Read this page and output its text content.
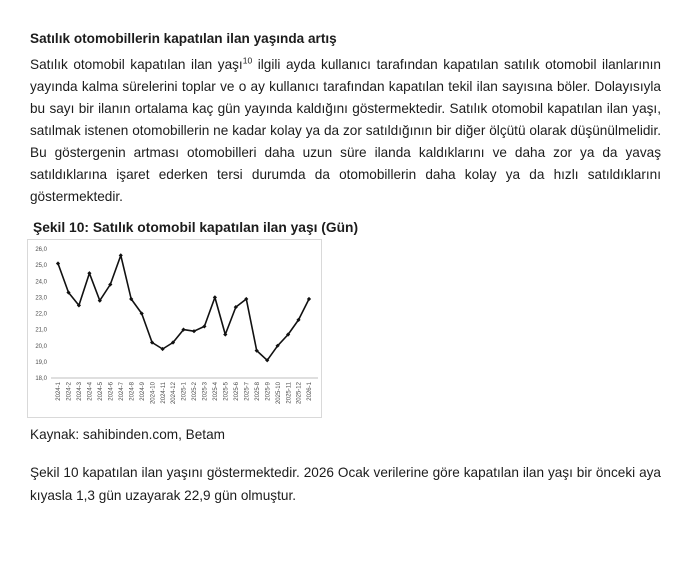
Satılık otomobillerin kapatılan ilan yaşında artış

Satılık otomobil kapatılan ilan yaşı$^{10}$ ilgili ayda kullanıcı tarafından kapatılan satılık otomobil ilanlarının yayında kalma sürelerini toplar ve o ay kullanıcı tarafından kapatılan tekil ilan sayısına böler. Dolayısıyla bu sayı bir ilanın ortalama kaç gün yayında kaldığını göstermektedir. Satılık otomobil kapatılan ilan yaşı, satılmak istenen otomobillerin ne kadar kolay ya da zor satıldığının bir diğer ölçütü olarak düşünülmelidir. Bu göstergenin artması otomobilleri daha uzun süre ilanda kaldıklarını ve daha zor ya da yavaş satıldıklarına işaret ederken tersi durumda da otomobillerin daha kolay ya da hızlı satıldıklarını göstermektedir.

Şekil 10: Satılık otomobil kapatılan ilan yaşı (Gün)
26,0
25,0
24,0
23,0
22,0
21,0
20,0
19,0
18,0
2024-1 2024-2 2024-3 2024-4 2024-5 2024-6 2024-7 2024-8 2024-9 2024-10 2024-11 2024-12 2025-1 2025-2 2025-3 2025-4 2025-5 2025-6 2025-7 2025-8 2025-9 2025-10 2025-11 2025-12 2026-1

Kaynak: sahibinden.com, Betam

Şekil 10 kapatılan ilan yaşını göstermektedir. 2026 Ocak verilerine göre kapatılan ilan yaşı bir önceki aya kıyasla 1,3 gün uzayarak 22,9 gün olmuştur.
